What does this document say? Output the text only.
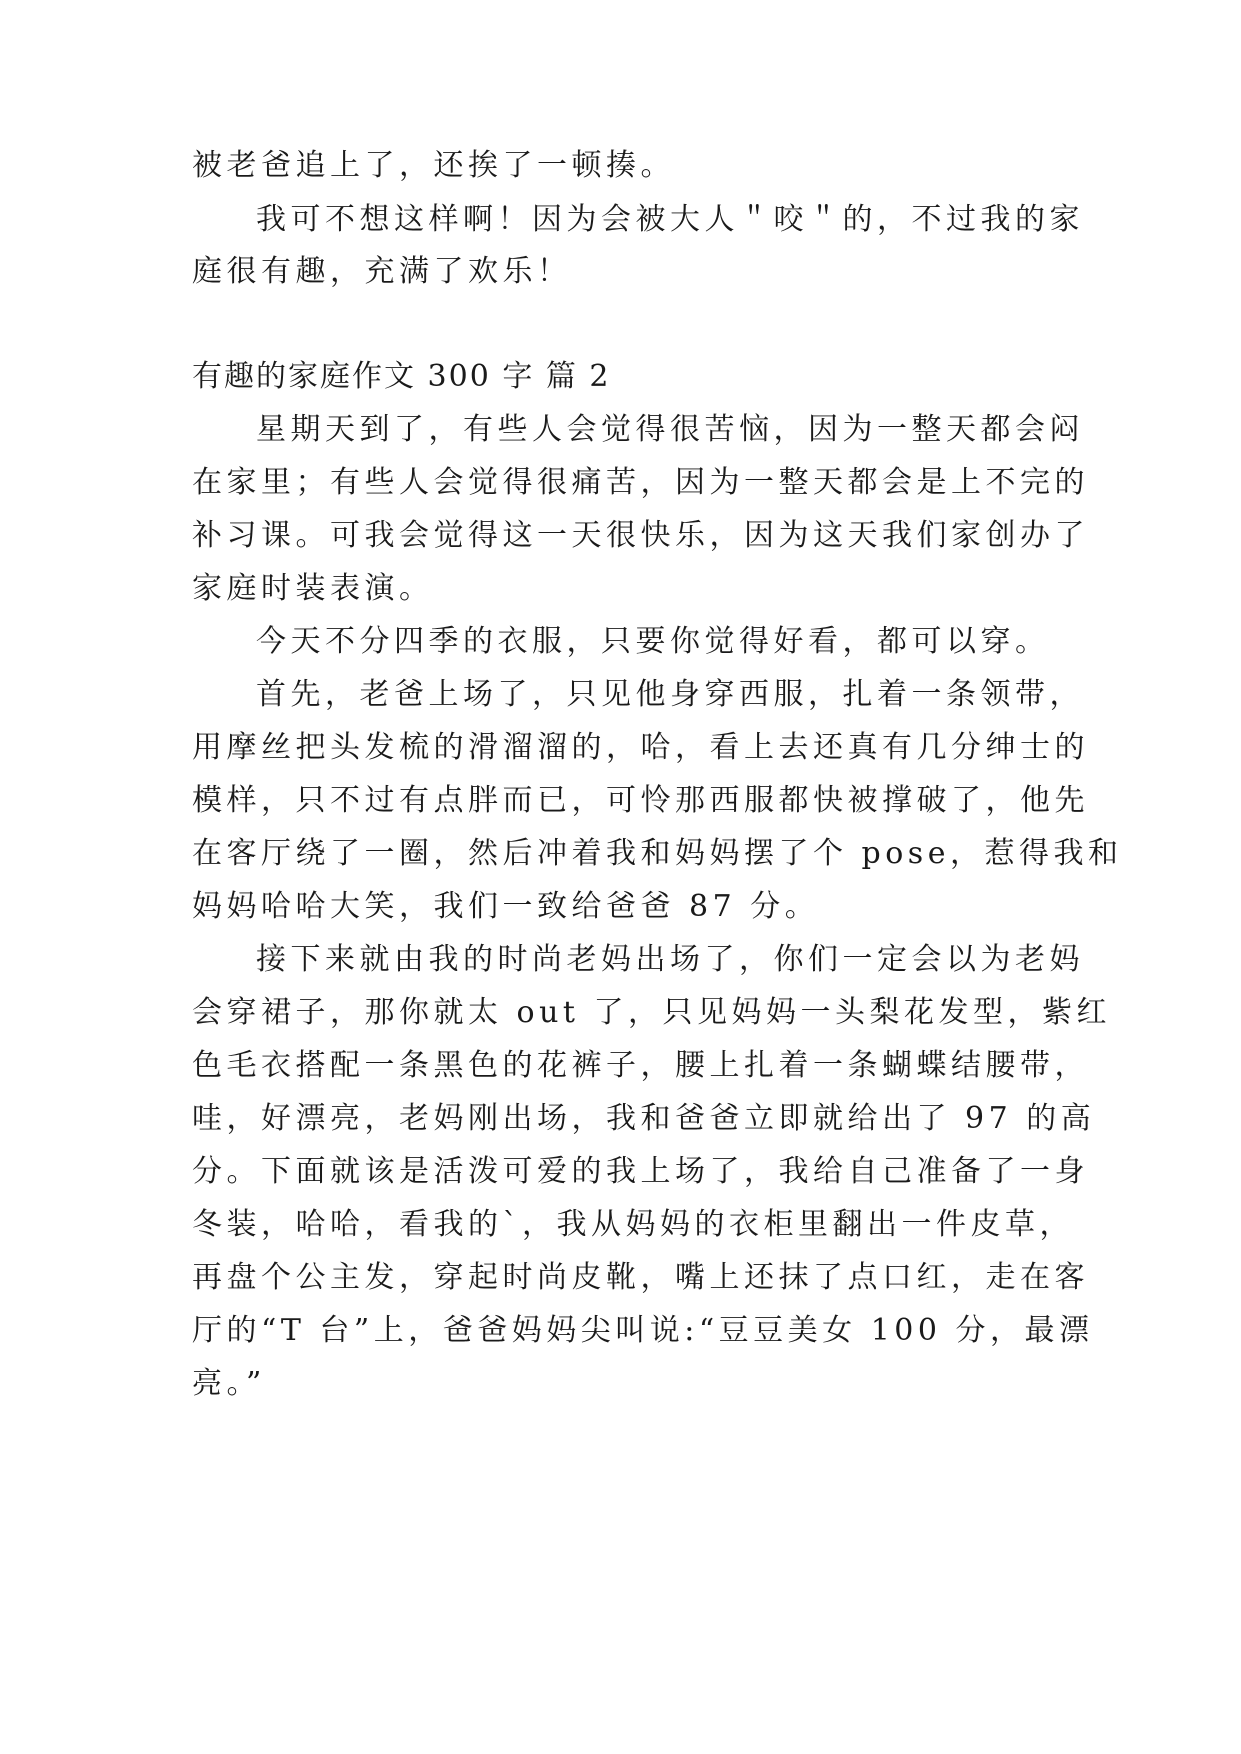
被老爸追上了，还挨了一顿揍。
我可不想这样啊！因为会被大人＂咬＂的，不过我的家
庭很有趣，充满了欢乐！
有趣的家庭作文 300 字 篇 2
星期天到了，有些人会觉得很苦恼，因为一整天都会闷
在家里；有些人会觉得很痛苦，因为一整天都会是上不完的
补习课。可我会觉得这一天很快乐，因为这天我们家创办了
家庭时装表演。
今天不分四季的衣服，只要你觉得好看，都可以穿。
首先，老爸上场了，只见他身穿西服，扎着一条领带，
用摩丝把头发梳的滑溜溜的，哈，看上去还真有几分绅士的
模样，只不过有点胖而已，可怜那西服都快被撑破了，他先
在客厅绕了一圈，然后冲着我和妈妈摆了个 pose，惹得我和
妈妈哈哈大笑，我们一致给爸爸 87 分。
接下来就由我的时尚老妈出场了，你们一定会以为老妈
会穿裙子，那你就太 out 了，只见妈妈一头梨花发型，紫红
色毛衣搭配一条黑色的花裤子，腰上扎着一条蝴蝶结腰带，
哇，好漂亮，老妈刚出场，我和爸爸立即就给出了 97 的高
分。下面就该是活泼可爱的我上场了，我给自己准备了一身
冬装，哈哈，看我的`，我从妈妈的衣柜里翻出一件皮草，
再盘个公主发，穿起时尚皮靴，嘴上还抹了点口红，走在客
厅的“T 台”上，爸爸妈妈尖叫说:“豆豆美女 100 分，最漂
亮。”
